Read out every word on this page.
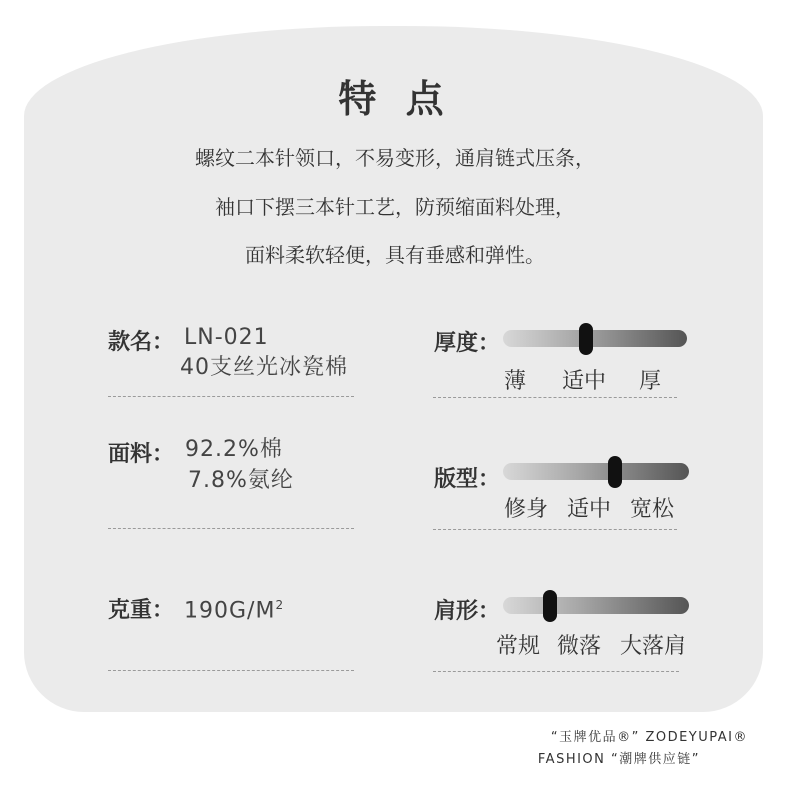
特 点
螺纹二本针领口，不易变形，通肩链式压条，
袖口下摆三本针工艺，防预缩面料处理，
面料柔软轻便，具有垂感和弹性。
款名： LN-021
40支丝光冰瓷棉
面料： 92.2%棉
7.8%氨纶
克重： $190G/M^2$
厚度：
薄 适中 厚
版型：
修身 适中 宽松
肩形：
常规 微落 大落肩
“玉牌优品®” ZODEYUPAI®
FASHION “潮牌供应链”
